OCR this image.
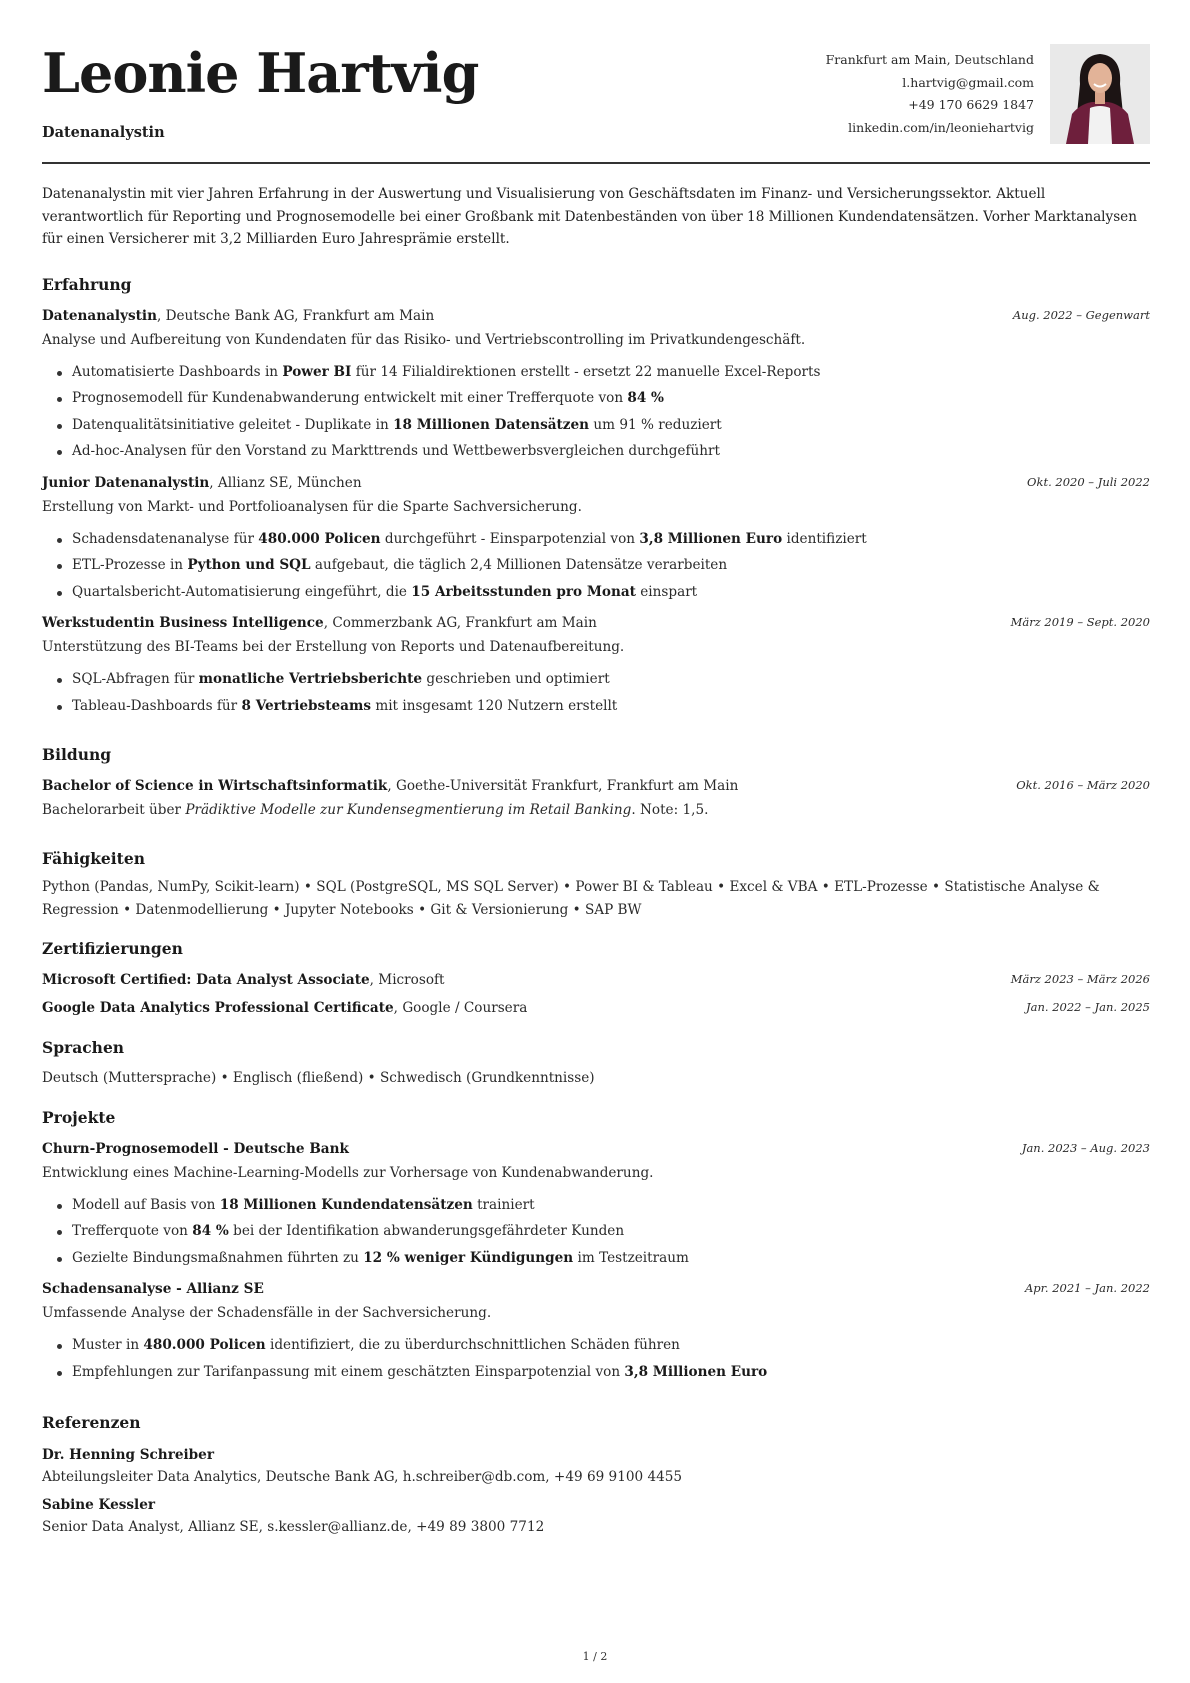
Leonie Hartvig
Datenanalystin
Frankfurt am Main, Deutschland
l.hartvig@gmail.com
+49 170 6629 1847
linkedin.com/in/leoniehartvig
Datenanalystin mit vier Jahren Erfahrung in der Auswertung und Visualisierung von Geschäftsdaten im Finanz- und Versicherungssektor. Aktuell verantwortlich für Reporting und Prognosemodelle bei einer Großbank mit Datenbeständen von über 18 Millionen Kundendatensätzen. Vorher Marktanalysen für einen Versicherer mit 3,2 Milliarden Euro Jahresprämie erstellt.
Erfahrung
Datenanalystin, Deutsche Bank AG, Frankfurt am Main	Aug. 2022 – Gegenwart
Analyse und Aufbereitung von Kundendaten für das Risiko- und Vertriebscontrolling im Privatkundengeschäft.
Automatisierte Dashboards in Power BI für 14 Filialdirektionen erstellt - ersetzt 22 manuelle Excel-Reports
Prognosemodell für Kundenabwanderung entwickelt mit einer Trefferquote von 84 %
Datenqualitätsinitiative geleitet - Duplikate in 18 Millionen Datensätzen um 91 % reduziert
Ad-hoc-Analysen für den Vorstand zu Markttrends und Wettbewerbsvergleichen durchgeführt
Junior Datenanalystin, Allianz SE, München	Okt. 2020 – Juli 2022
Erstellung von Markt- und Portfolioanalysen für die Sparte Sachversicherung.
Schadensdatenanalyse für 480.000 Policen durchgeführt - Einsparpotenzial von 3,8 Millionen Euro identifiziert
ETL-Prozesse in Python und SQL aufgebaut, die täglich 2,4 Millionen Datensätze verarbeiten
Quartalsbericht-Automatisierung eingeführt, die 15 Arbeitsstunden pro Monat einspart
Werkstudentin Business Intelligence, Commerzbank AG, Frankfurt am Main	März 2019 – Sept. 2020
Unterstützung des BI-Teams bei der Erstellung von Reports und Datenaufbereitung.
SQL-Abfragen für monatliche Vertriebsberichte geschrieben und optimiert
Tableau-Dashboards für 8 Vertriebsteams mit insgesamt 120 Nutzern erstellt
Bildung
Bachelor of Science in Wirtschaftsinformatik, Goethe-Universität Frankfurt, Frankfurt am Main	Okt. 2016 – März 2020
Bachelorarbeit über Prädiktive Modelle zur Kundensegmentierung im Retail Banking. Note: 1,5.
Fähigkeiten
Python (Pandas, NumPy, Scikit-learn) • SQL (PostgreSQL, MS SQL Server) • Power BI & Tableau • Excel & VBA • ETL-Prozesse • Statistische Analyse & Regression • Datenmodellierung • Jupyter Notebooks • Git & Versionierung • SAP BW
Zertifizierungen
Microsoft Certified: Data Analyst Associate, Microsoft	März 2023 – März 2026
Google Data Analytics Professional Certificate, Google / Coursera	Jan. 2022 – Jan. 2025
Sprachen
Deutsch (Muttersprache) • Englisch (fließend) • Schwedisch (Grundkenntnisse)
Projekte
Churn-Prognosemodell - Deutsche Bank	Jan. 2023 – Aug. 2023
Entwicklung eines Machine-Learning-Modells zur Vorhersage von Kundenabwanderung.
Modell auf Basis von 18 Millionen Kundendatensätzen trainiert
Trefferquote von 84 % bei der Identifikation abwanderungsgefährdeter Kunden
Gezielte Bindungsmaßnahmen führten zu 12 % weniger Kündigungen im Testzeitraum
Schadensanalyse - Allianz SE	Apr. 2021 – Jan. 2022
Umfassende Analyse der Schadensfälle in der Sachversicherung.
Muster in 480.000 Policen identifiziert, die zu überdurchschnittlichen Schäden führen
Empfehlungen zur Tarifanpassung mit einem geschätzten Einsparpotenzial von 3,8 Millionen Euro
Referenzen
Dr. Henning Schreiber
Abteilungsleiter Data Analytics, Deutsche Bank AG, h.schreiber@db.com, +49 69 9100 4455
Sabine Kessler
Senior Data Analyst, Allianz SE, s.kessler@allianz.de, +49 89 3800 7712
1 / 2
